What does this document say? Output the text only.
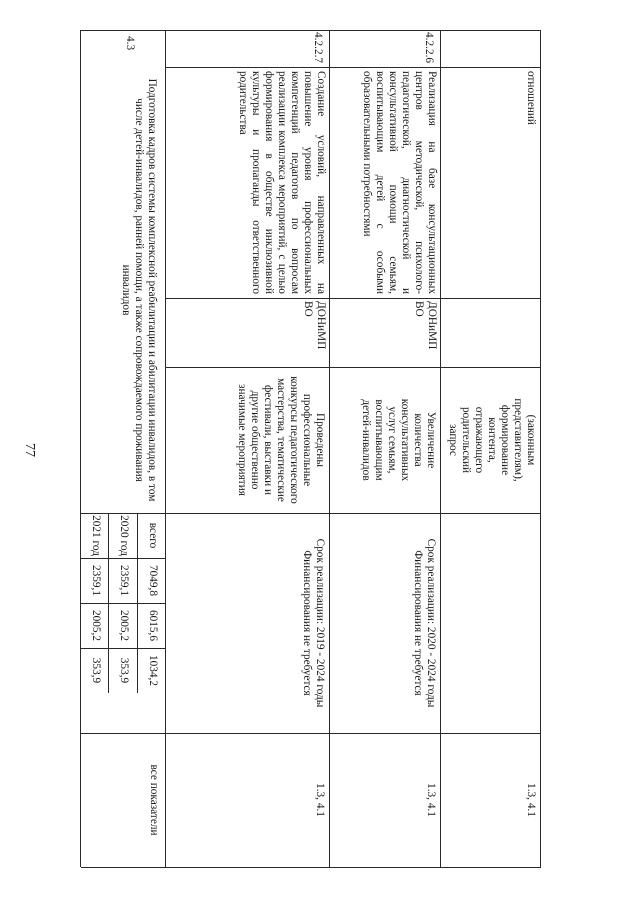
77

отношений

(законным представителям), формирование контента, отражающего родительский запрос

1.3, 4.1

4.2.2.6

Реализация на базе консультационных центров методической, психолого-педагогической, диагностической и консультативной помощи семьям, воспитывающим детей с особыми образовательными потребностями

ДОНиМП ВО

Увеличение количества консультативных услуг семьям, воспитывающим детей-инвалидов

Срок реализации: 2020 - 2024 годы

Финансирования не требуется

1.3, 4.1

4.2.2.7

Создание условий, направленных на повышение уровня профессиональных компетенций педагогов по вопросам реализации комплекса мероприятий, с целью формирования в обществе инклюзивной культуры и пропаганды ответственного родительства

ДОНиМП ВО

Проведены профессиональные конкурсы педагогического мастерства, тематические фестивали, выставки и другие общественно значимые мероприятия

Срок реализации: 2019 - 2024 годы

Финансирования не требуется

1.3, 4.1

4.3

Подготовка кадров системы комплексной реабилитации и абилитации инвалидов, в том числе детей-инвалидов, ранней помощи, а также сопровождаемого проживания инвалидов

всего
7049,8
6015,6
1034,2
2020 год
2359,1
2005,2
353,9
2021 год
2359,1
2005,2
353,9

все показатели
